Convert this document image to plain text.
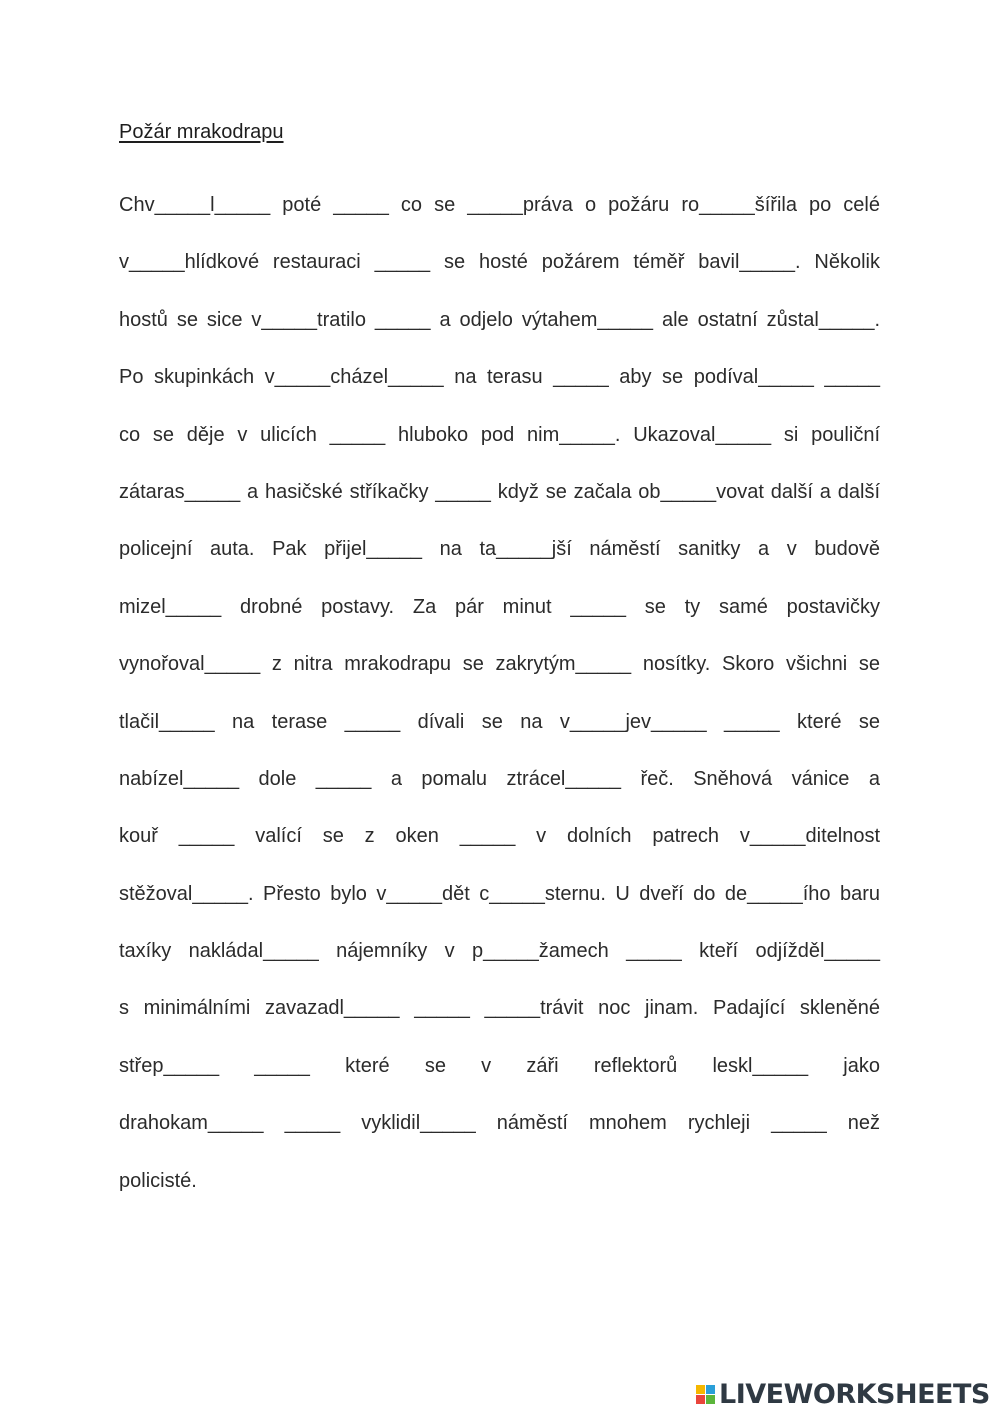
Požár mrakodrapu
Chv_____l_____ poté _____ co se _____práva o požáru ro_____šířila po celé
v_____hlídkové restauraci _____ se hosté požárem téměř bavil_____. Několik
hostů se sice v_____tratilo _____ a odjelo výtahem_____ ale ostatní zůstal_____.
Po skupinkách v_____cházel_____ na terasu _____ aby se podíval_____ _____
co se děje v ulicích _____ hluboko pod nim_____. Ukazoval_____ si pouliční
zátaras_____ a hasičské stříkačky _____ když se začala ob_____vovat další a další
policejní auta. Pak přijel_____ na ta_____jší náměstí sanitky a v budově
mizel_____ drobné postavy. Za pár minut _____ se ty samé postavičky
vynořoval_____ z nitra mrakodrapu se zakrytým_____ nosítky. Skoro všichni se
tlačil_____ na terase _____ dívali se na v_____jev_____ _____ které se
nabízel_____ dole _____ a pomalu ztrácel_____ řeč. Sněhová vánice a
kouř _____ valící se z oken _____ v dolních patrech v_____ditelnost
stěžoval_____. Přesto bylo v_____dět c_____sternu. U dveří do de_____ího baru
taxíky nakládal_____ nájemníky v p_____žamech _____ kteří odjížděl_____
s minimálními zavazadl_____ _____ _____trávit noc jinam. Padající skleněné
střep_____ _____ které se v záři reflektorů leskl_____ jako
drahokam_____ _____ vyklidil_____ náměstí mnohem rychleji _____ než
policisté.
LIVEWORKSHEETS
